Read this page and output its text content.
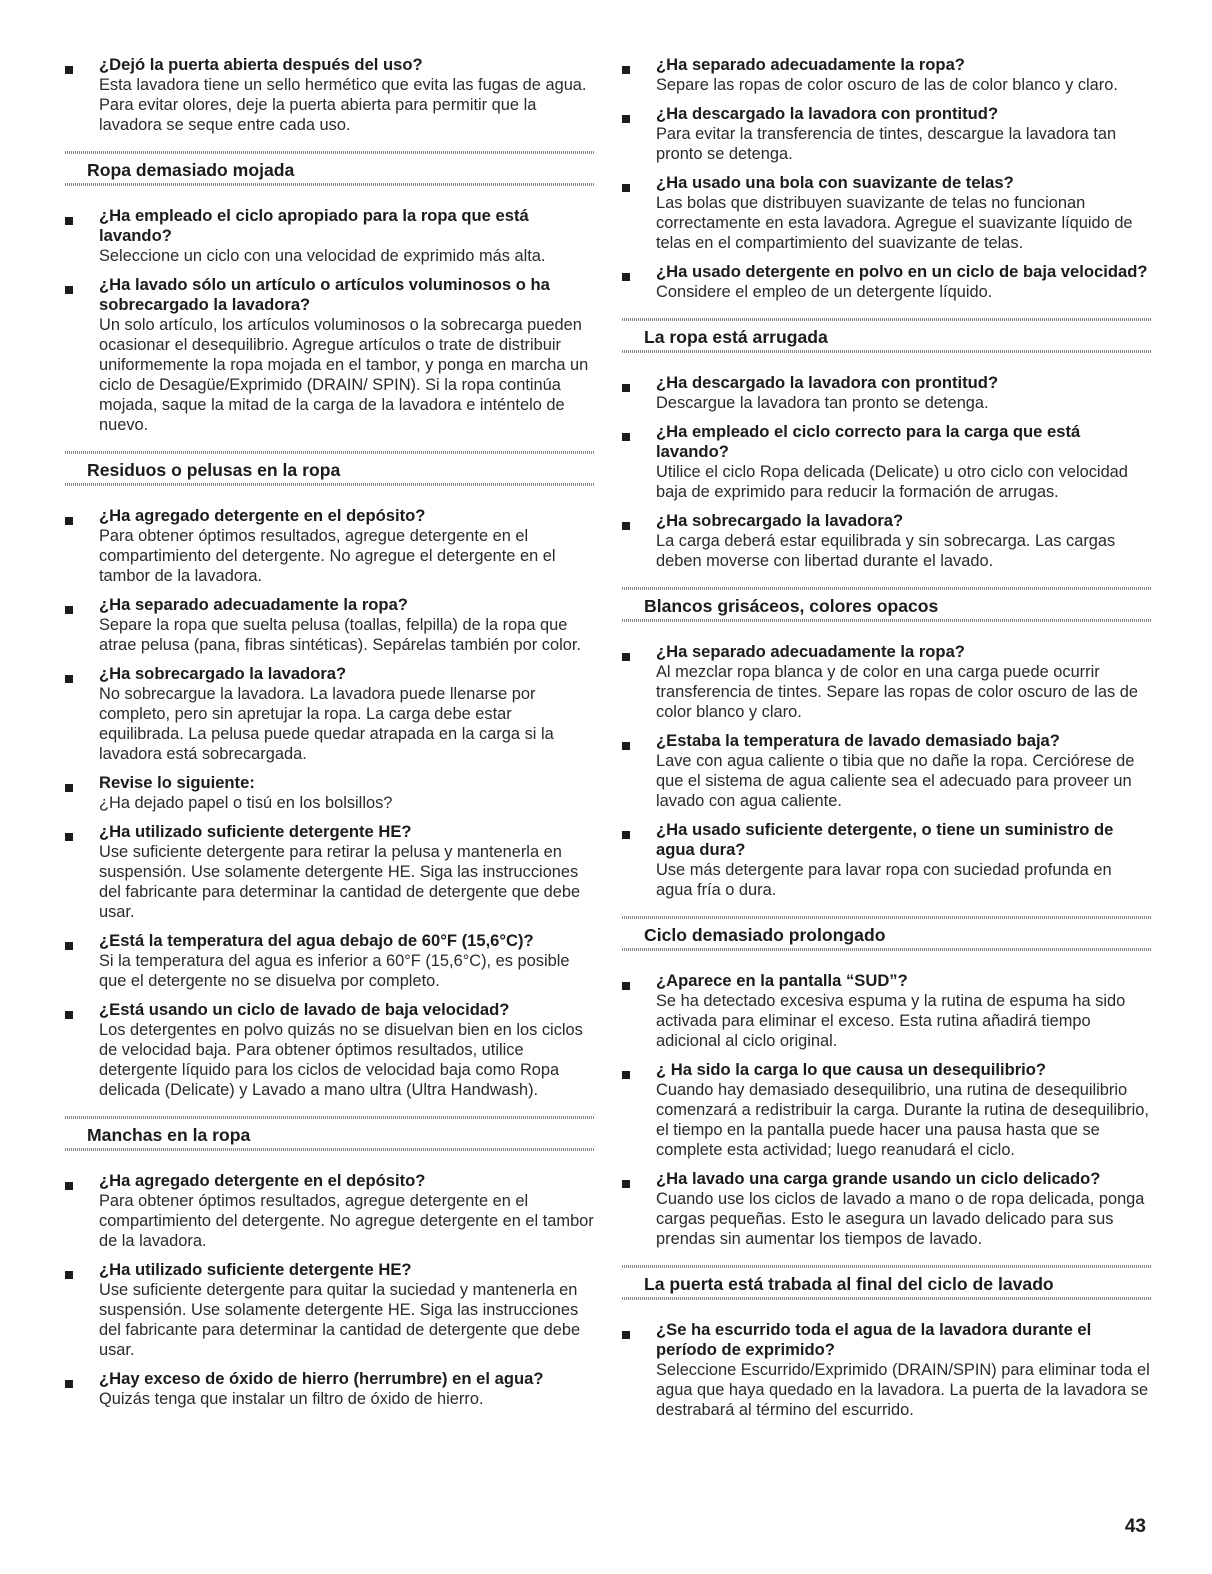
¿Dejó la puerta abierta después del uso?

Esta lavadora tiene un sello hermético que evita las fugas de agua. Para evitar olores, deje la puerta abierta para permitir que la lavadora se seque entre cada uso.

Ropa demasiado mojada

¿Ha empleado el ciclo apropiado para la ropa que está lavando?

Seleccione un ciclo con una velocidad de exprimido más alta.

¿Ha lavado sólo un artículo o artículos voluminosos o ha sobrecargado la lavadora?

Un solo artículo, los artículos voluminosos o la sobrecarga pueden ocasionar el desequilibrio. Agregue artículos o trate de distribuir uniformemente la ropa mojada en el tambor, y ponga en marcha un ciclo de Desagüe/Exprimido (DRAIN/ SPIN). Si la ropa continúa mojada, saque la mitad de la carga de la lavadora e inténtelo de nuevo.

Residuos o pelusas en la ropa

¿Ha agregado detergente en el depósito?

Para obtener óptimos resultados, agregue detergente en el compartimiento del detergente. No agregue el detergente en el tambor de la lavadora.

¿Ha separado adecuadamente la ropa?

Separe la ropa que suelta pelusa (toallas, felpilla) de la ropa que atrae pelusa (pana, fibras sintéticas). Sepárelas también por color.

¿Ha sobrecargado la lavadora?

No sobrecargue la lavadora. La lavadora puede llenarse por completo, pero sin apretujar la ropa. La carga debe estar equilibrada. La pelusa puede quedar atrapada en la carga si la lavadora está sobrecargada.

Revise lo siguiente:

¿Ha dejado papel o tisú en los bolsillos?

¿Ha utilizado suficiente detergente HE?

Use suficiente detergente para retirar la pelusa y mantenerla en suspensión. Use solamente detergente HE. Siga las instrucciones del fabricante para determinar la cantidad de detergente que debe usar.

¿Está la temperatura del agua debajo de 60°F (15,6°C)?

Si la temperatura del agua es inferior a 60°F (15,6°C), es posible que el detergente no se disuelva por completo.

¿Está usando un ciclo de lavado de baja velocidad?

Los detergentes en polvo quizás no se disuelvan bien en los ciclos de velocidad baja. Para obtener óptimos resultados, utilice detergente líquido para los ciclos de velocidad baja como Ropa delicada (Delicate) y Lavado a mano ultra (Ultra Handwash).

Manchas en la ropa

¿Ha agregado detergente en el depósito?

Para obtener óptimos resultados, agregue detergente en el compartimiento del detergente. No agregue detergente en el tambor de la lavadora.

¿Ha utilizado suficiente detergente HE?

Use suficiente detergente para quitar la suciedad y mantenerla en suspensión. Use solamente detergente HE. Siga las instrucciones del fabricante para determinar la cantidad de detergente que debe usar.

¿Hay exceso de óxido de hierro (herrumbre) en el agua?

Quizás tenga que instalar un filtro de óxido de hierro.

¿Ha separado adecuadamente la ropa?

Separe las ropas de color oscuro de las de color blanco y claro.

¿Ha descargado la lavadora con prontitud?

Para evitar la transferencia de tintes, descargue la lavadora tan pronto se detenga.

¿Ha usado una bola con suavizante de telas?

Las bolas que distribuyen suavizante de telas no funcionan correctamente en esta lavadora. Agregue el suavizante líquido de telas en el compartimiento del suavizante de telas.

¿Ha usado detergente en polvo en un ciclo de baja velocidad?

Considere el empleo de un detergente líquido.

La ropa está arrugada

¿Ha descargado la lavadora con prontitud?

Descargue la lavadora tan pronto se detenga.

¿Ha empleado el ciclo correcto para la carga que está lavando?

Utilice el ciclo Ropa delicada (Delicate) u otro ciclo con velocidad baja de exprimido para reducir la formación de arrugas.

¿Ha sobrecargado la lavadora?

La carga deberá estar equilibrada y sin sobrecarga. Las cargas deben moverse con libertad durante el lavado.

Blancos grisáceos, colores opacos

¿Ha separado adecuadamente la ropa?

Al mezclar ropa blanca y de color en una carga puede ocurrir transferencia de tintes. Separe las ropas de color oscuro de las de color blanco y claro.

¿Estaba la temperatura de lavado demasiado baja?

Lave con agua caliente o tibia que no dañe la ropa. Cerciórese de que el sistema de agua caliente sea el adecuado para proveer un lavado con agua caliente.

¿Ha usado suficiente detergente, o tiene un suministro de agua dura?

Use más detergente para lavar ropa con suciedad profunda en agua fría o dura.

Ciclo demasiado prolongado

¿Aparece en la pantalla “SUD”?

Se ha detectado excesiva espuma y la rutina de espuma ha sido activada para eliminar el exceso. Esta rutina añadirá tiempo adicional al ciclo original.

¿ Ha sido la carga lo que causa un desequilibrio?

Cuando hay demasiado desequilibrio, una rutina de desequilibrio comenzará a redistribuir la carga. Durante la rutina de desequilibrio, el tiempo en la pantalla puede hacer una pausa hasta que se complete esta actividad; luego reanudará el ciclo.

¿Ha lavado una carga grande usando un ciclo delicado?

Cuando use los ciclos de lavado a mano o de ropa delicada, ponga cargas pequeñas. Esto le asegura un lavado delicado para sus prendas sin aumentar los tiempos de lavado.

La puerta está trabada al final del ciclo de lavado

¿Se ha escurrido toda el agua de la lavadora durante el período de exprimido?

Seleccione Escurrido/Exprimido (DRAIN/SPIN) para eliminar toda el agua que haya quedado en la lavadora. La puerta de la lavadora se destrabará al término del escurrido.

43
